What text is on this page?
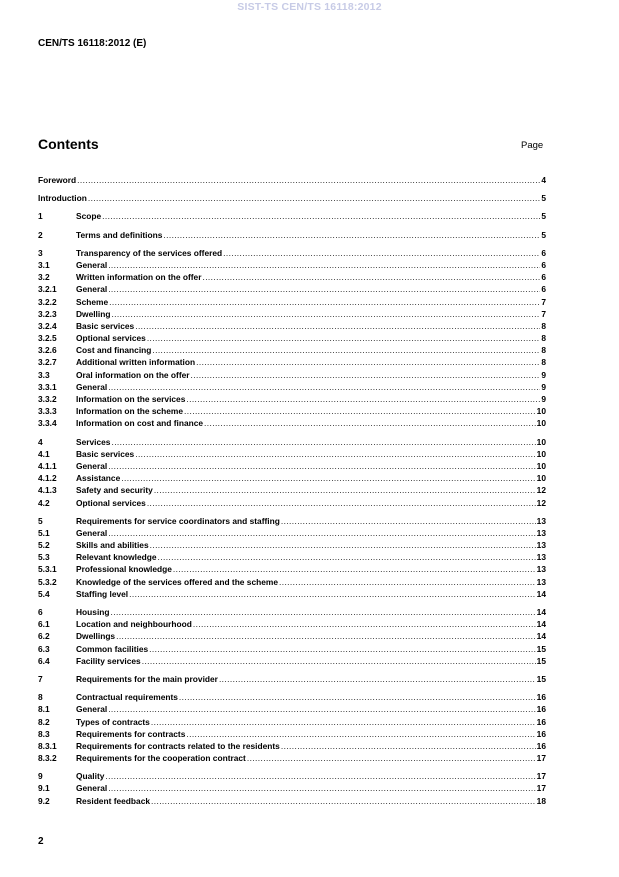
SIST-TS CEN/TS 16118:2012
CEN/TS 16118:2012 (E)
Contents	Page
Foreword .....	4
Introduction .....	5
1	Scope .....	5
2	Terms and definitions .....	5
3	Transparency of the services offered .....	6
3.1	General .....	6
3.2	Written information on the offer .....	6
3.2.1	General .....	6
3.2.2	Scheme .....	7
3.2.3	Dwelling .....	7
3.2.4	Basic services .....	8
3.2.5	Optional services .....	8
3.2.6	Cost and financing .....	8
3.2.7	Additional written information .....	8
3.3	Oral information on the offer .....	9
3.3.1	General .....	9
3.3.2	Information on the services .....	9
3.3.3	Information on the scheme .....	10
3.3.4	Information on cost and finance .....	10
4	Services .....	10
4.1	Basic services .....	10
4.1.1	General .....	10
4.1.2	Assistance .....	10
4.1.3	Safety and security .....	12
4.2	Optional services .....	12
5	Requirements for service coordinators and staffing .....	13
5.1	General .....	13
5.2	Skills and abilities .....	13
5.3	Relevant knowledge .....	13
5.3.1	Professional knowledge .....	13
5.3.2	Knowledge of the services offered and the scheme .....	13
5.4	Staffing level .....	14
6	Housing .....	14
6.1	Location and neighbourhood .....	14
6.2	Dwellings .....	14
6.3	Common facilities .....	15
6.4	Facility services .....	15
7	Requirements for the main provider .....	15
8	Contractual requirements .....	16
8.1	General .....	16
8.2	Types of contracts .....	16
8.3	Requirements for contracts .....	16
8.3.1	Requirements for contracts related to the residents .....	16
8.3.2	Requirements for the cooperation contract .....	17
9	Quality .....	17
9.1	General .....	17
9.2	Resident feedback .....	18
2
